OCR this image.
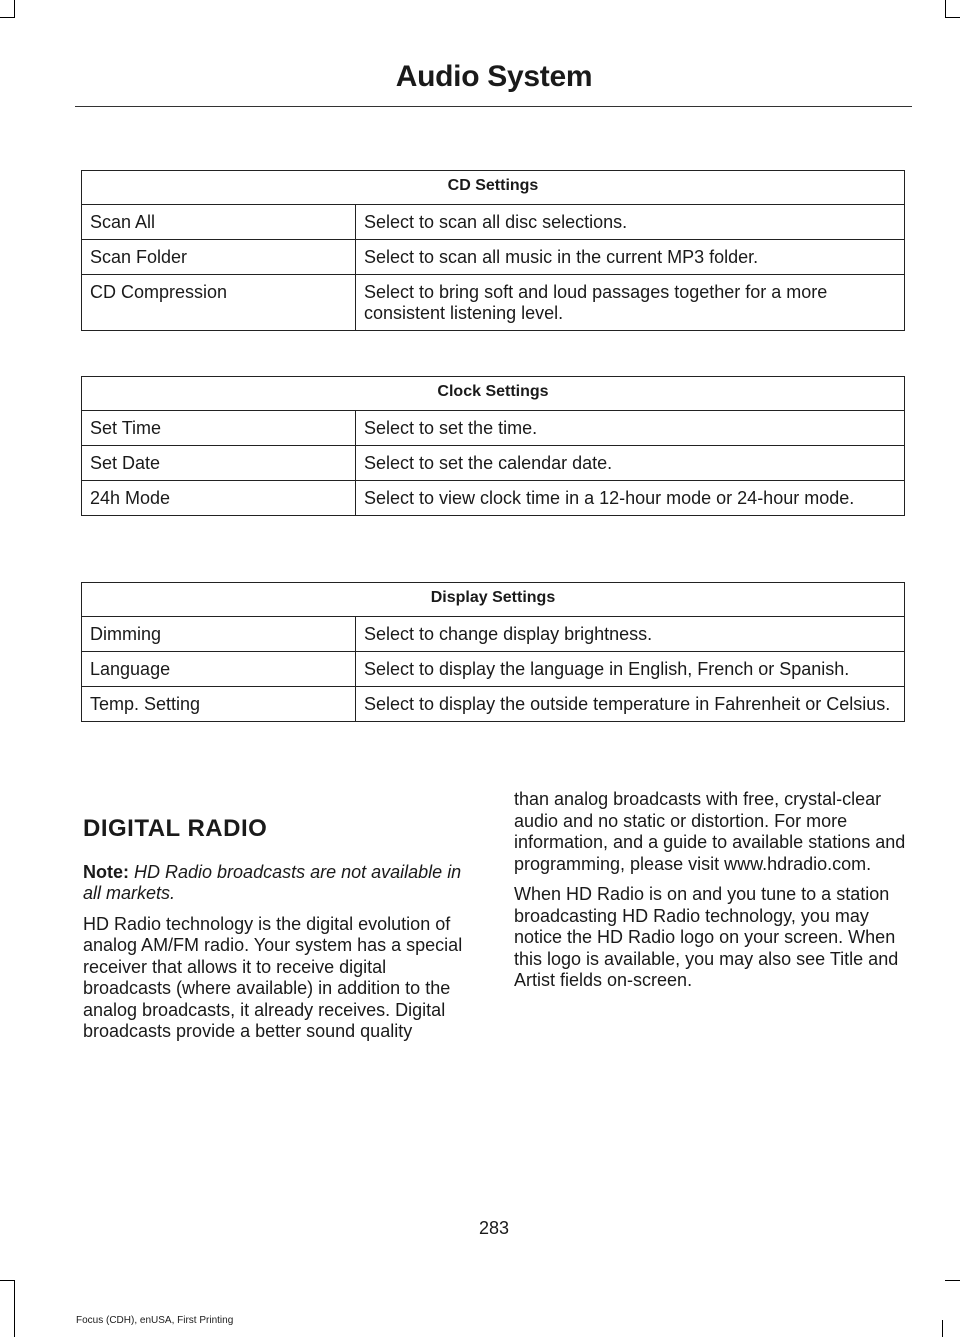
Audio System
CD Settings	
Scan All	Select to scan all disc selections.
Scan Folder	Select to scan all music in the current MP3 folder.
CD Compression	Select to bring soft and loud passages together for a more consistent listening level.
Clock Settings	
Set Time	Select to set the time.
Set Date	Select to set the calendar date.
24h Mode	Select to view clock time in a 12-hour mode or 24-hour mode.
Display Settings	
Dimming	Select to change display brightness.
Language	Select to display the language in English, French or Spanish.
Temp. Setting	Select to display the outside temperature in Fahrenheit or Celsius.
DIGITAL RADIO

Note: HD Radio broadcasts are not available in all markets.

HD Radio technology is the digital evolution of analog AM/FM radio. Your system has a special receiver that allows it to receive digital broadcasts (where available) in addition to the analog broadcasts, it already receives. Digital broadcasts provide a better sound quality

than analog broadcasts with free, crystal-clear audio and no static or distortion. For more information, and a guide to available stations and programming, please visit www.hdradio.com.

When HD Radio is on and you tune to a station broadcasting HD Radio technology, you may notice the HD Radio logo on your screen. When this logo is available, you may also see Title and Artist fields on-screen.

283
Focus (CDH), enUSA, First Printing
